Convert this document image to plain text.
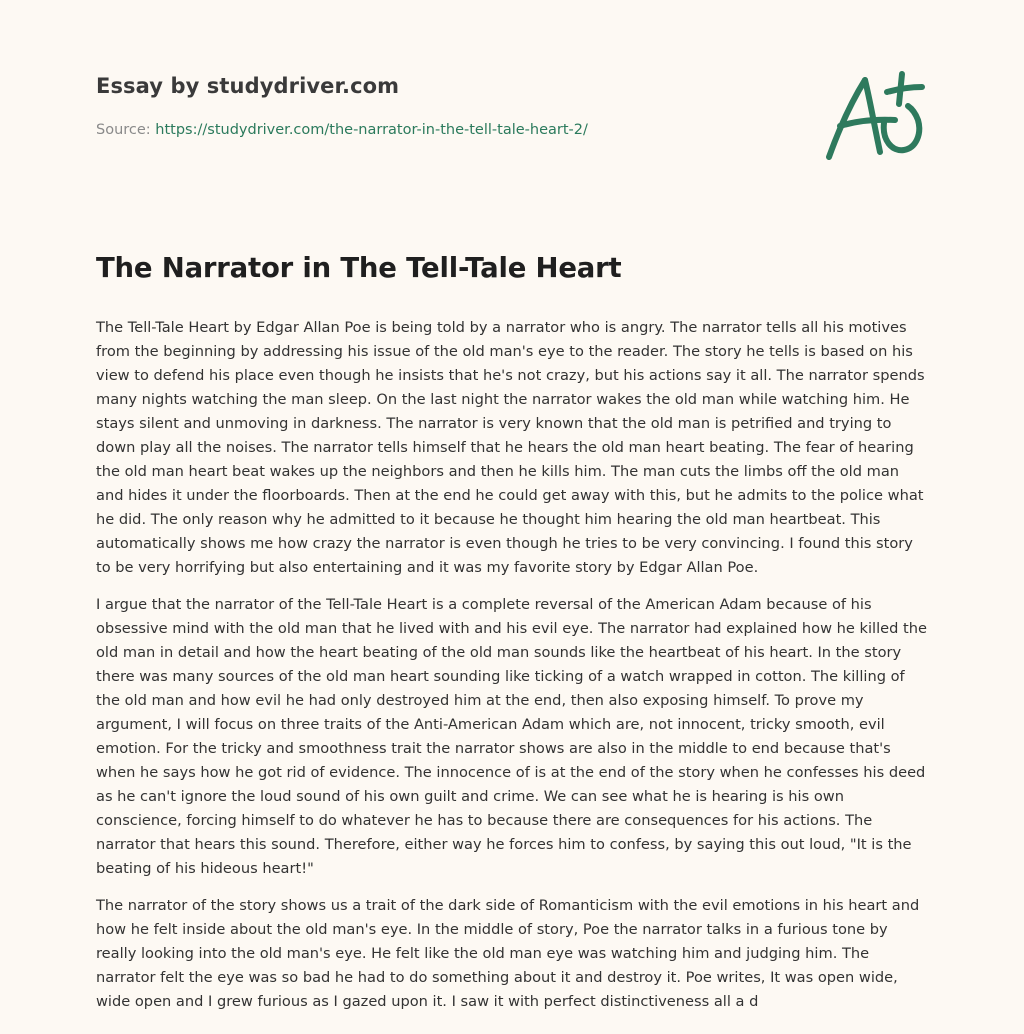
Essay by studydriver.com
Source: https://studydriver.com/the-narrator-in-the-tell-tale-heart-2/
The Narrator in The Tell-Tale Heart

The Tell-Tale Heart by Edgar Allan Poe is being told by a narrator who is angry. The narrator tells all his motives from the beginning by addressing his issue of the old man's eye to the reader. The story he tells is based on his view to defend his place even though he insists that he's not crazy, but his actions say it all. The narrator spends many nights watching the man sleep. On the last night the narrator wakes the old man while watching him. He stays silent and unmoving in darkness. The narrator is very known that the old man is petrified and trying to down play all the noises. The narrator tells himself that he hears the old man heart beating. The fear of hearing the old man heart beat wakes up the neighbors and then he kills him. The man cuts the limbs off the old man and hides it under the floorboards. Then at the end he could get away with this, but he admits to the police what he did. The only reason why he admitted to it because he thought him hearing the old man heartbeat. This automatically shows me how crazy the narrator is even though he tries to be very convincing. I found this story to be very horrifying but also entertaining and it was my favorite story by Edgar Allan Poe.

I argue that the narrator of the Tell-Tale Heart is a complete reversal of the American Adam because of his obsessive mind with the old man that he lived with and his evil eye. The narrator had explained how he killed the old man in detail and how the heart beating of the old man sounds like the heartbeat of his heart. In the story there was many sources of the old man heart sounding like ticking of a watch wrapped in cotton. The killing of the old man and how evil he had only destroyed him at the end, then also exposing himself. To prove my argument, I will focus on three traits of the Anti-American Adam which are, not innocent, tricky smooth, evil emotion. For the tricky and smoothness trait the narrator shows are also in the middle to end because that's when he says how he got rid of evidence. The innocence of is at the end of the story when he confesses his deed as he can't ignore the loud sound of his own guilt and crime. We can see what he is hearing is his own conscience, forcing himself to do whatever he has to because there are consequences for his actions. The narrator that hears this sound. Therefore, either way he forces him to confess, by saying this out loud, "It is the beating of his hideous heart!"

The narrator of the story shows us a trait of the dark side of Romanticism with the evil emotions in his heart and how he felt inside about the old man's eye. In the middle of story, Poe the narrator talks in a furious tone by really looking into the old man's eye. He felt like the old man eye was watching him and judging him. The narrator felt the eye was so bad he had to do something about it and destroy it. Poe writes, It was open wide, wide open and I grew furious as I gazed upon it. I saw it with perfect distinctiveness all a d
